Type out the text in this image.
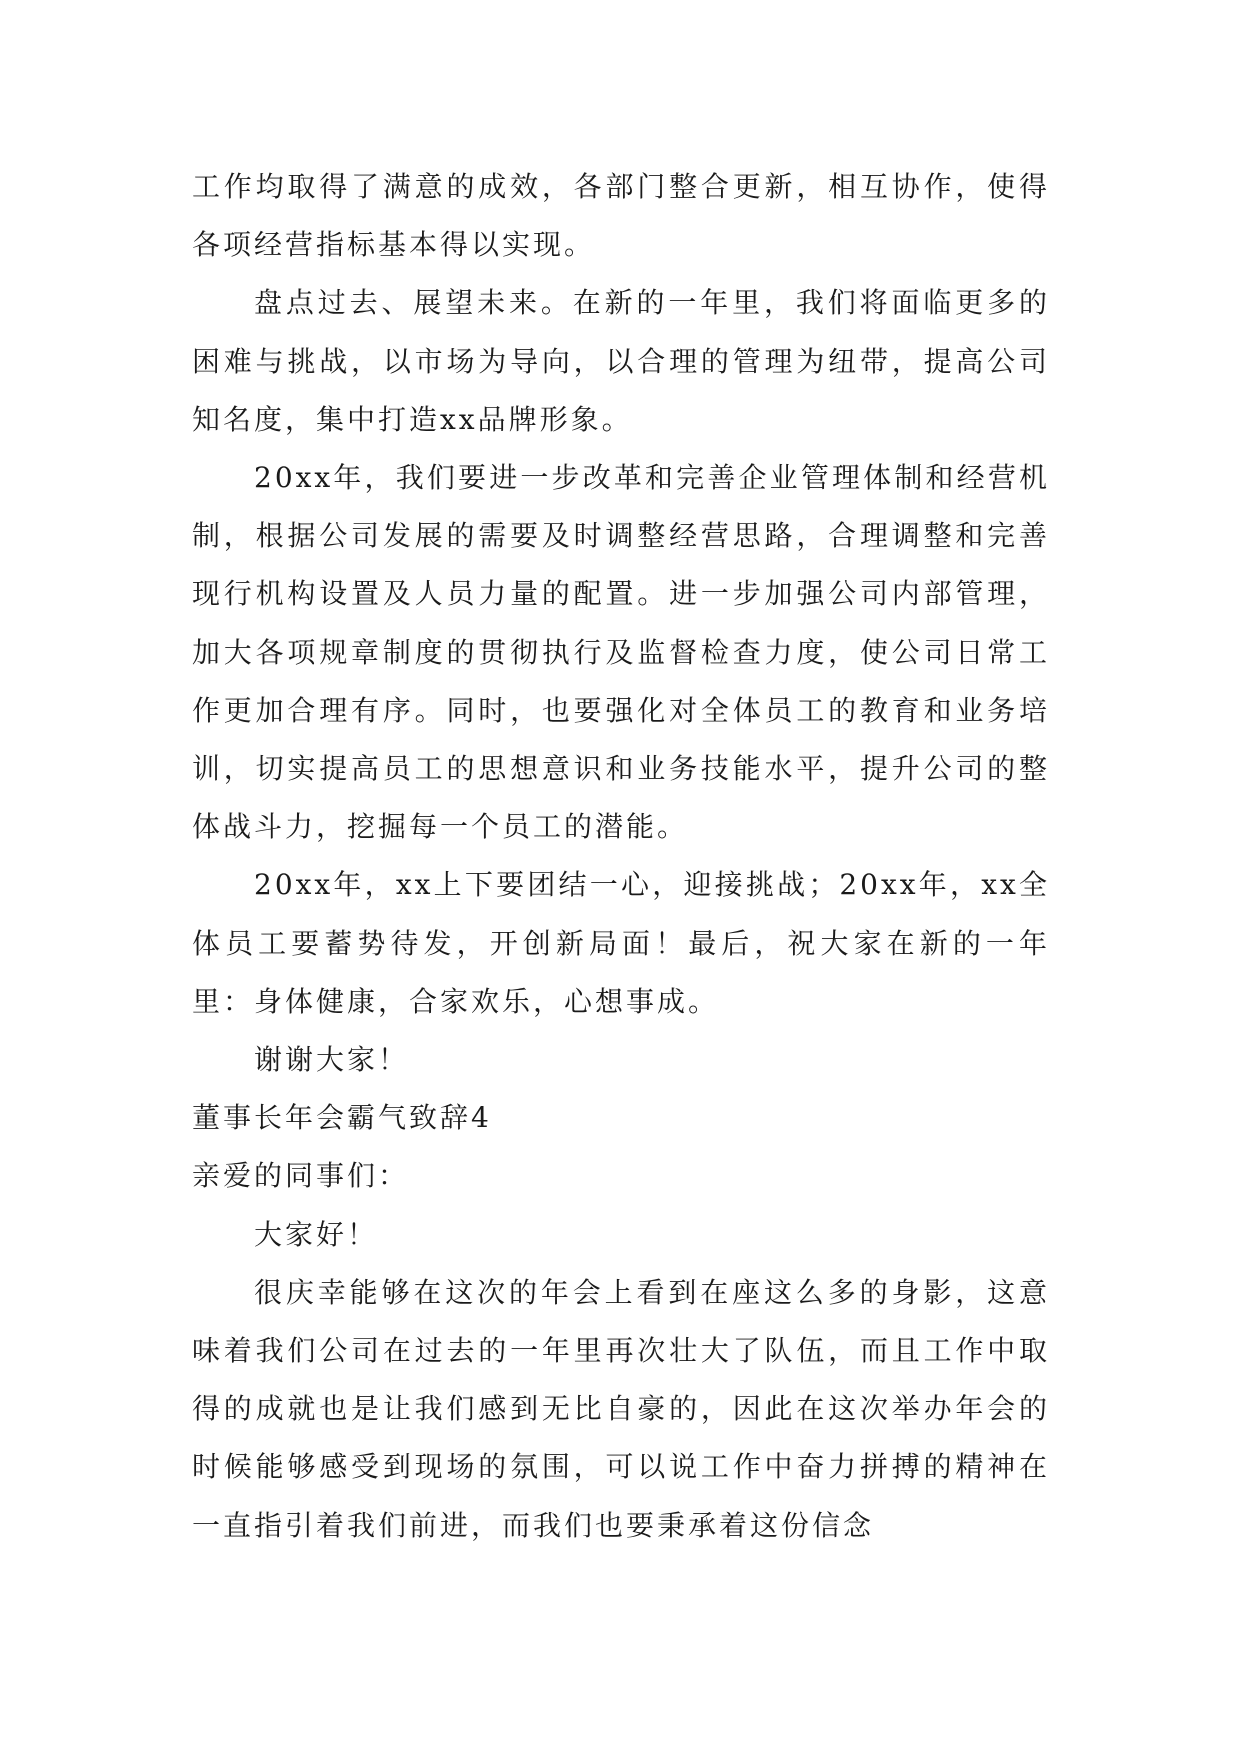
工作均取得了满意的成效，各部门整合更新，相互协作，使得各项经营指标基本得以实现。

盘点过去、展望未来。在新的一年里，我们将面临更多的困难与挑战，以市场为导向，以合理的管理为纽带，提高公司知名度，集中打造xx品牌形象。

20xx年，我们要进一步改革和完善企业管理体制和经营机制，根据公司发展的需要及时调整经营思路，合理调整和完善现行机构设置及人员力量的配置。进一步加强公司内部管理，加大各项规章制度的贯彻执行及监督检查力度，使公司日常工作更加合理有序。同时，也要强化对全体员工的教育和业务培训，切实提高员工的思想意识和业务技能水平，提升公司的整体战斗力，挖掘每一个员工的潜能。

20xx年，xx上下要团结一心，迎接挑战；20xx年，xx全体员工要蓄势待发，开创新局面！最后，祝大家在新的一年里：身体健康，合家欢乐，心想事成。

谢谢大家！

董事长年会霸气致辞4

亲爱的同事们：

大家好！

很庆幸能够在这次的年会上看到在座这么多的身影，这意味着我们公司在过去的一年里再次壮大了队伍，而且工作中取得的成就也是让我们感到无比自豪的，因此在这次举办年会的时候能够感受到现场的氛围，可以说工作中奋力拼搏的精神在一直指引着我们前进，而我们也要秉承着这份信念
